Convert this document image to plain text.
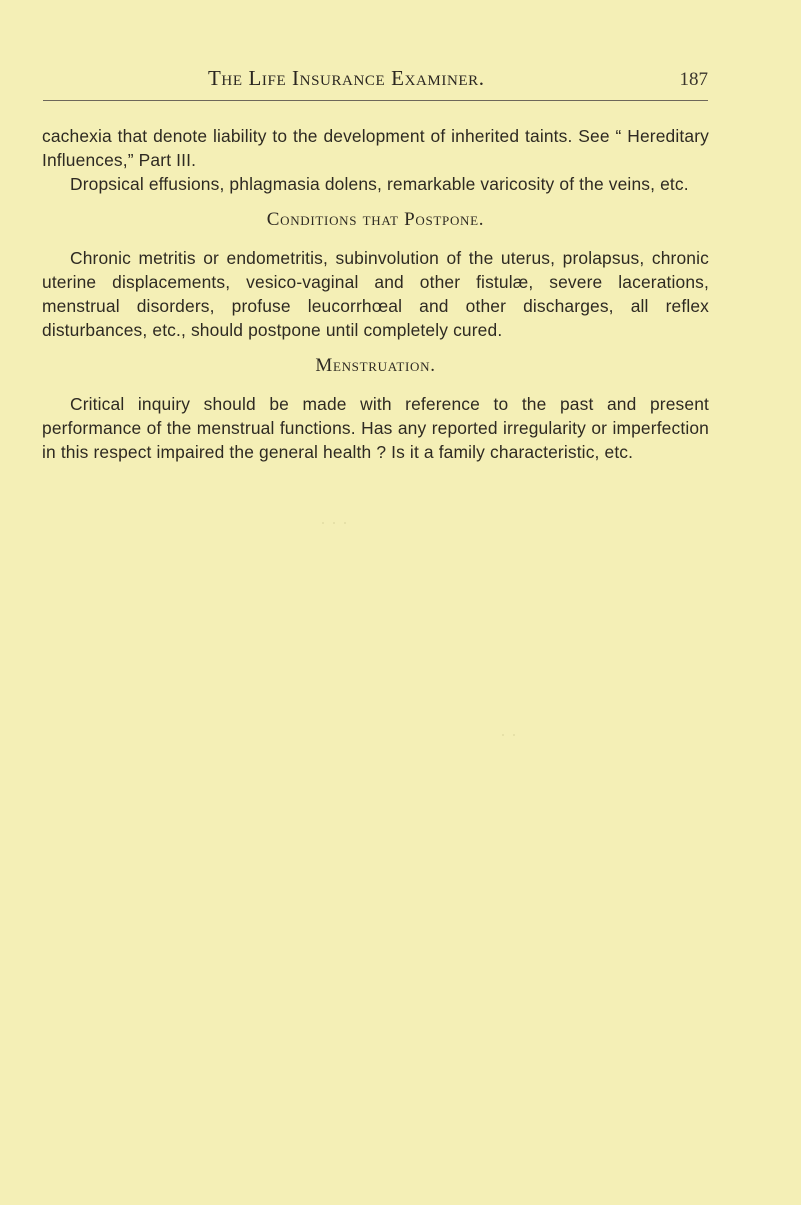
The Life Insurance Examiner.	187

cachexia that denote liability to the development of inherited taints. See “ Hereditary Influences,” Part III.

Dropsical effusions, phlagmasia dolens, remarkable varicosity of the veins, etc.

Conditions that Postpone.

Chronic metritis or endometritis, subinvolution of the uterus, prolapsus, chronic uterine displacements, vesico-vaginal and other fistulæ, severe lacerations, menstrual disorders, profuse leucorrhœal and other discharges, all reflex disturbances, etc., should postpone until completely cured.

Menstruation.

Critical inquiry should be made with reference to the past and present performance of the menstrual functions. Has any reported irregularity or imperfection in this respect impaired the general health ? Is it a family characteristic, etc.

· · ·
· ·
